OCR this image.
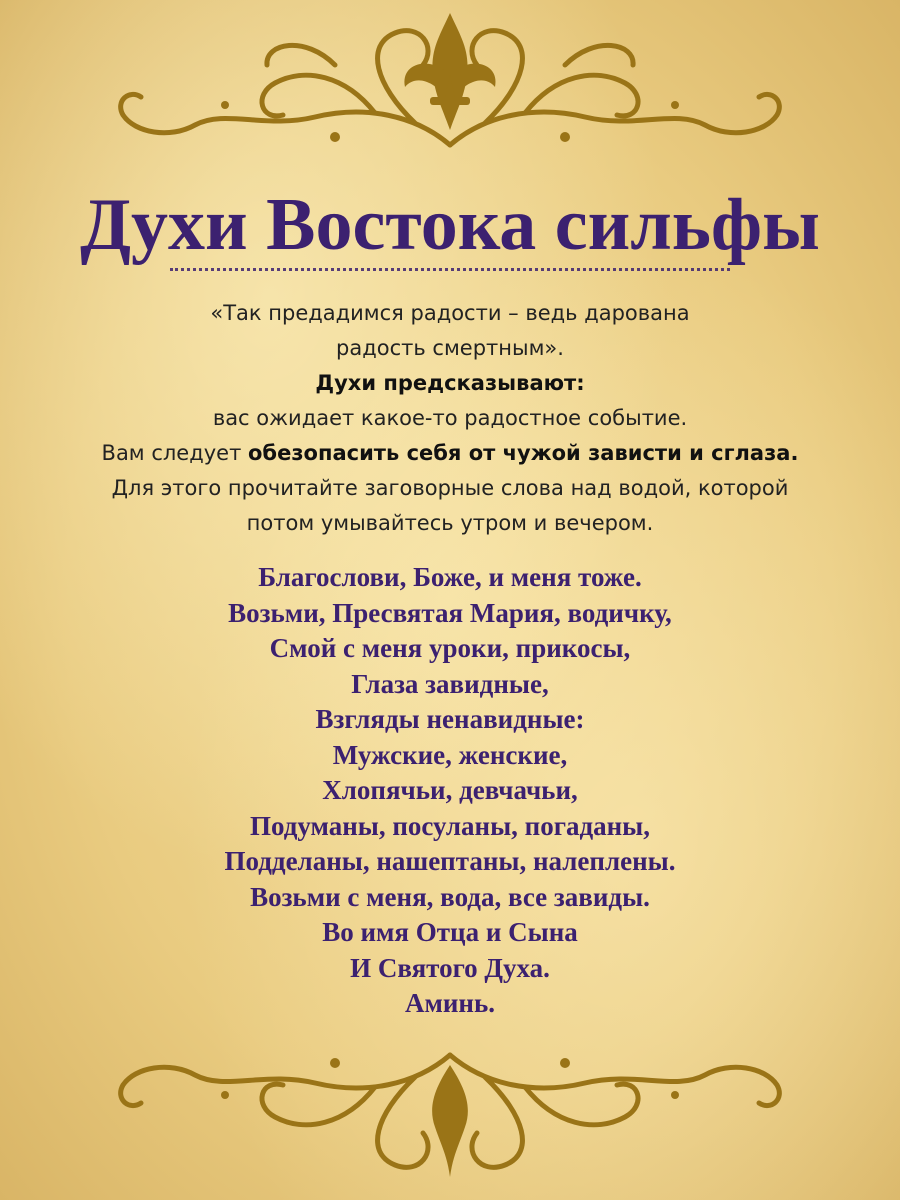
Духи Востока сильфы
«Так предадимся радости – ведь дарована
радость смертным».
Духи предсказывают:
вас ожидает какое-то радостное событие.
Вам следует обезопасить себя от чужой зависти и сглаза.
Для этого прочитайте заговорные слова над водой, которой
потом умывайтесь утром и вечером.
Благослови, Боже, и меня тоже.
Возьми, Пресвятая Мария, водичку,
Смой с меня уроки, прикосы,
Глаза завидные,
Взгляды ненавидные:
Мужские, женские,
Хлопячьи, девчачьи,
Подуманы, посуланы, погаданы,
Подделаны, нашептаны, налеплены.
Возьми с меня, вода, все завиды.
Во имя Отца и Сына
И Святого Духа.
Аминь.
